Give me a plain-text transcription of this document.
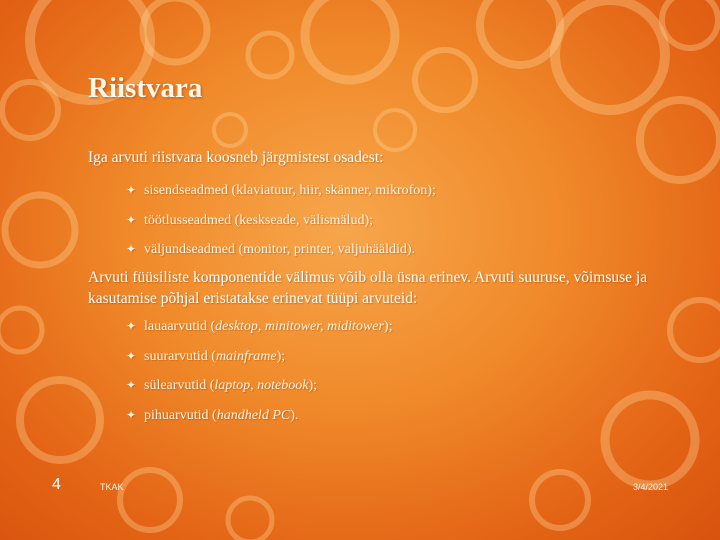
Riistvara
Iga arvuti riistvara koosneb järgmistest osadest:
✦ sisendseadmed (klaviatuur, hiir, skänner, mikrofon);
✦ töötlusseadmed (keskseade, välismälud);
✦ väljundseadmed (monitor, printer, valjuhääldid).
Arvuti füüsiliste komponentide välimus võib olla üsna erinev. Arvuti suuruse, võimsuse ja kasutamise põhjal eristatakse erinevat tüüpi arvuteid:
✦ lauaarvutid (desktop, minitower, miditower);
✦ suurarvutid (mainframe);
✦ sülearvutid (laptop, notebook);
✦ pihuarvutid (handheld PC).
4	TKAK	3/4/2021
